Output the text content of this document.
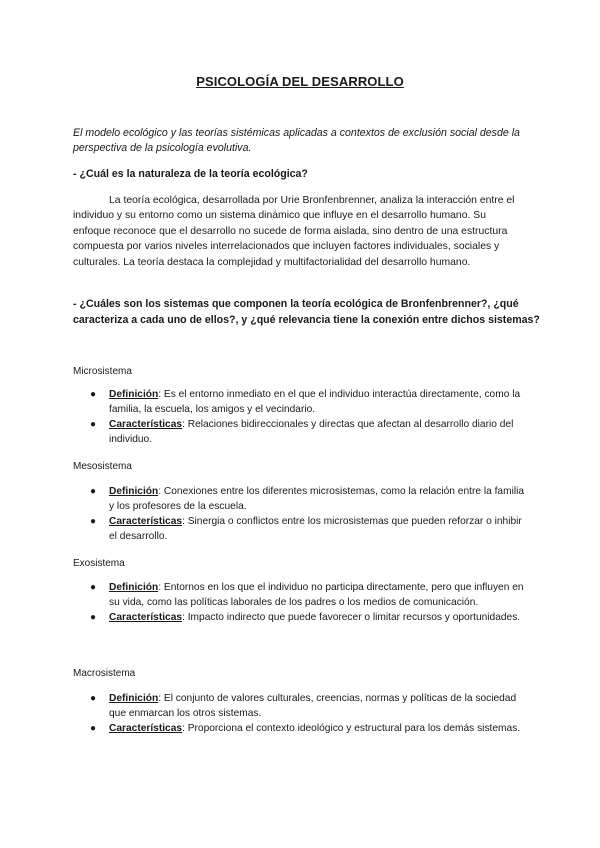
PSICOLOGÍA DEL DESARROLLO
El modelo ecológico y las teorías sistémicas aplicadas a contextos de exclusión social desde la perspectiva de la psicología evolutiva.
- ¿Cuál es la naturaleza de la teoría ecológica?
La teoría ecológica, desarrollada por Urie Bronfenbrenner, analiza la interacción entre el individuo y su entorno como un sistema dinámico que influye en el desarrollo humano. Su enfoque reconoce que el desarrollo no sucede de forma aislada, sino dentro de una estructura compuesta por varios niveles interrelacionados que incluyen factores individuales, sociales y culturales. La teoría destaca la complejidad y multifactorialidad del desarrollo humano.
- ¿Cuáles son los sistemas que componen la teoría ecológica de Bronfenbrenner?, ¿qué caracteriza a cada uno de ellos?, y ¿qué relevancia tiene la conexión entre dichos sistemas?
Microsistema
● Definición: Es el entorno inmediato en el que el individuo interactúa directamente, como la familia, la escuela, los amigos y el vecindario.
● Características: Relaciones bidireccionales y directas que afectan al desarrollo diario del individuo.
Mesosistema
● Definición: Conexiones entre los diferentes microsistemas, como la relación entre la familia y los profesores de la escuela.
● Características: Sinergia o conflictos entre los microsistemas que pueden reforzar o inhibir el desarrollo.
Exosistema
● Definición: Entornos en los que el individuo no participa directamente, pero que influyen en su vida, como las políticas laborales de los padres o los medios de comunicación.
● Características: Impacto indirecto que puede favorecer o limitar recursos y oportunidades.
Macrosistema
● Definición: El conjunto de valores culturales, creencias, normas y políticas de la sociedad que enmarcan los otros sistemas.
● Características: Proporciona el contexto ideológico y estructural para los demás sistemas.
